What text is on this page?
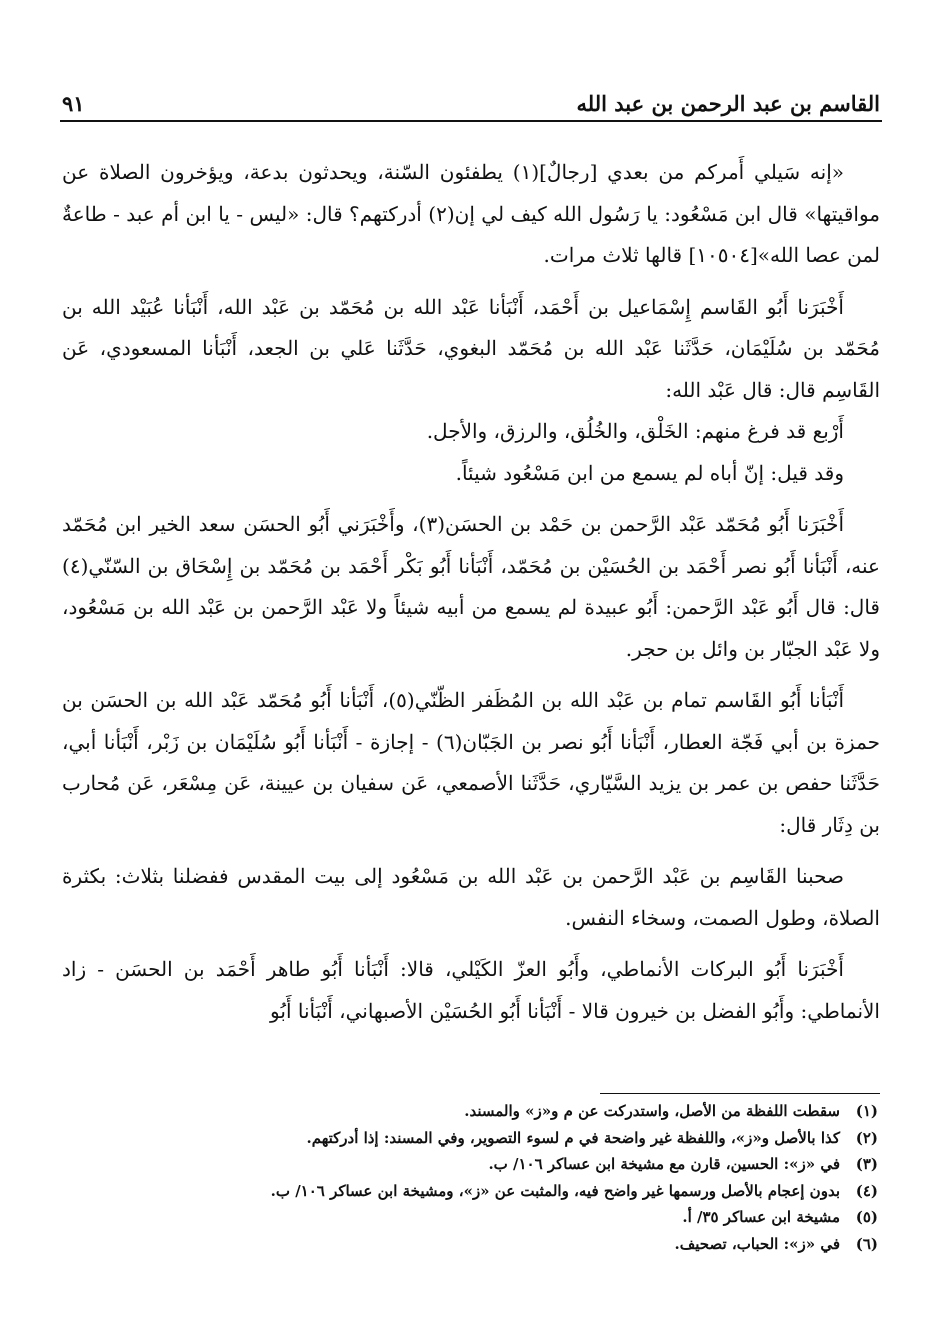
القاسم بن عبد الرحمن بن عبد الله
٩١

«إنه سَيلي أَمركم من بعدي [رجالٌ](١) يطفئون السّنة، ويحدثون بدعة، ويؤخرون الصلاة عن مواقيتها» قال ابن مَسْعُود: يا رَسُول الله كيف لي إن(٢) أدركتهم؟ قال: «ليس - يا ابن أم عبد - طاعةٌ لمن عصا الله»[١٠٥٠٤] قالها ثلاث مرات.

أَخْبَرَنا أَبُو القَاسم إِسْمَاعيل بن أَحْمَد، أَنْبَأنا عَبْد الله بن مُحَمّد بن عَبْد الله، أَنْبَأنا عُبَيْد الله بن مُحَمّد بن سُلَيْمَان، حَدَّثَنا عَبْد الله بن مُحَمّد البغوي، حَدَّثَنا عَلي بن الجعد، أَنْبَأنا المسعودي، عَن القَاسِم قال: قال عَبْد الله:

أَرْبع قد فرغ منهم: الخَلْق، والخُلُق، والرزق، والأجل.

وقد قيل: إنّ أباه لم يسمع من ابن مَسْعُود شيئاً.

أَخْبَرَنا أَبُو مُحَمّد عَبْد الرَّحمن بن حَمْد بن الحسَن(٣)، وأَخْبَرَني أَبُو الحسَن سعد الخير ابن مُحَمّد عنه، أَنْبَأنا أَبُو نصر أَحْمَد بن الحُسَيْن بن مُحَمّد، أَنْبَأنا أَبُو بَكْر أَحْمَد بن مُحَمّد بن إِسْحَاق بن السّنّي(٤) قال: قال أَبُو عَبْد الرَّحمن: أَبُو عبيدة لم يسمع من أبيه شيئاً ولا عَبْد الرَّحمن بن عَبْد الله بن مَسْعُود، ولا عَبْد الجبّار بن وائل بن حجر.

أَنْبَأنا أَبُو القَاسم تمام بن عَبْد الله بن المُظَفر الظّنّي(٥)، أَنْبَأنا أَبُو مُحَمّد عَبْد الله بن الحسَن بن حمزة بن أبي فَجّة العطار، أَنْبَأنا أَبُو نصر بن الجَبّان(٦) - إجازة - أَنْبَأنا أَبُو سُلَيْمَان بن زَبْر، أَنْبَأنا أبي، حَدَّثَنا حفص بن عمر بن يزيد السَّيّاري، حَدَّثَنا الأصمعي، عَن سفيان بن عيينة، عَن مِسْعَر، عَن مُحارب بن دِثَار قال:

صحبنا القَاسِم بن عَبْد الرَّحمن بن عَبْد الله بن مَسْعُود إلى بيت المقدس ففضلنا بثلاث: بكثرة الصلاة، وطول الصمت، وسخاء النفس.

أَخْبَرَنا أَبُو البركات الأنماطي، وأَبُو العزّ الكَيْلي، قالا: أَنْبَأنا أَبُو طاهر أَحْمَد بن الحسَن - زاد الأنماطي: وأَبُو الفضل بن خيرون قالا - أَنْبَأنا أَبُو الحُسَيْن الأصبهاني، أَنْبَأنا أَبُو

(١)
سقطت اللفظة من الأصل، واستدركت عن م و«ز» والمسند.
(٢)
كذا بالأصل و«ز»، واللفظة غير واضحة في م لسوء التصوير، وفي المسند: إذا أدركتهم.
(٣)
في «ز»: الحسين، قارن مع مشيخة ابن عساكر ١٠٦/ ب.
(٤)
بدون إعجام بالأصل ورسمها غير واضح فيه، والمثبت عن «ز»، ومشيخة ابن عساكر ١٠٦/ ب.
(٥)
مشيخة ابن عساكر ٣٥/ أ.
(٦)
في «ز»: الحباب، تصحيف.
